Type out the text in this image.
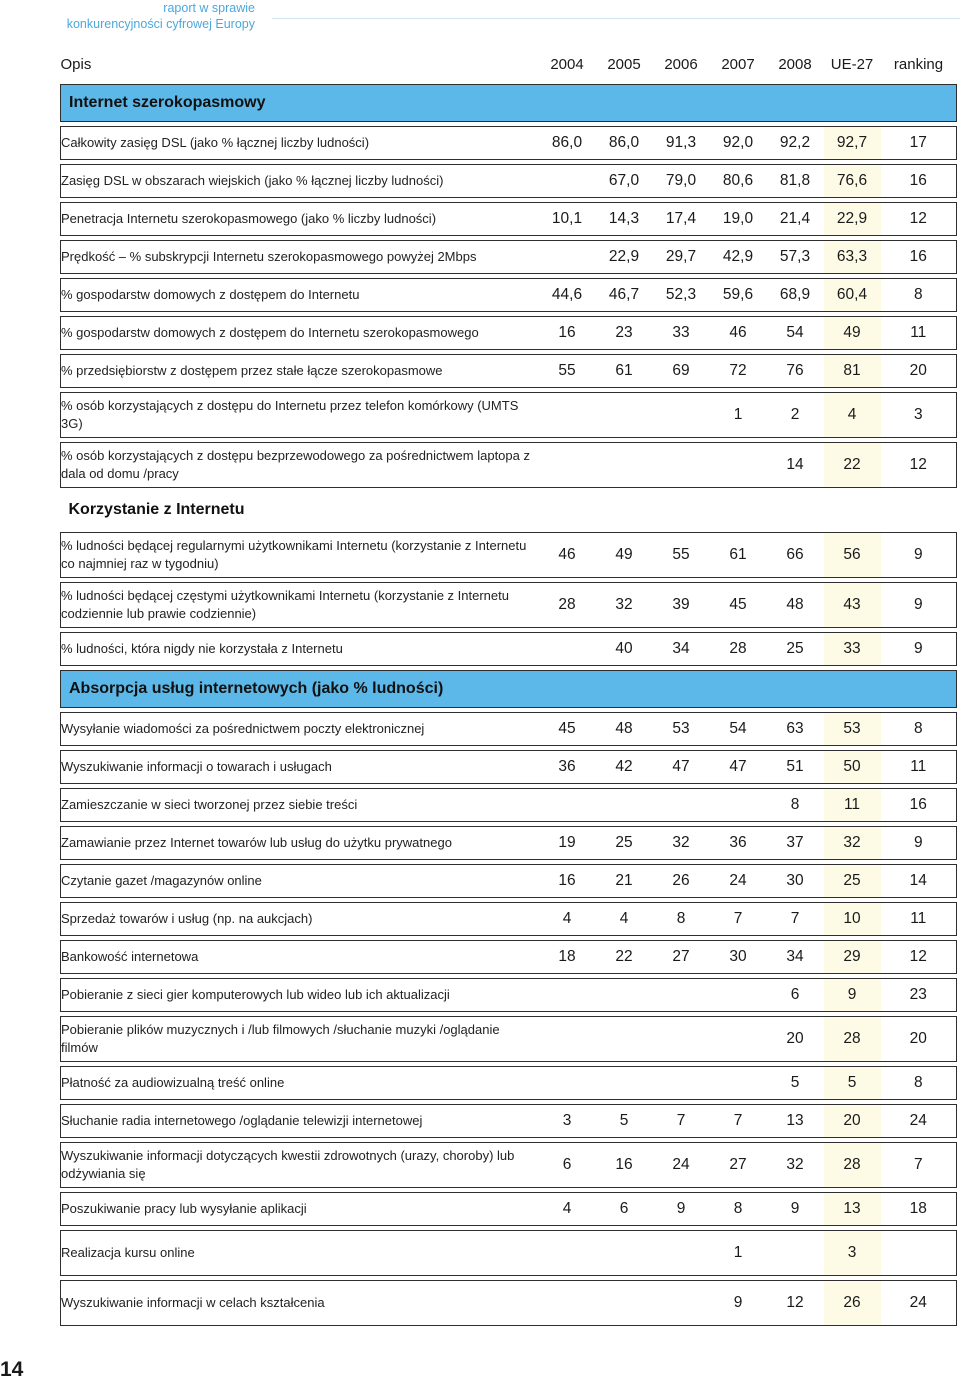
raport w sprawie
konkurencyjności cyfrowej Europy
Opis	2004	2005	2006	2007	2008	UE-27	ranking
Internet szerokopasmowy							

Całkowity zasięg DSL (jako % łącznej liczby ludności)	86,0	86,0	91,3	92,0	92,2	92,7	17

Zasięg DSL w obszarach wiejskich (jako % łącznej liczby ludności)		67,0	79,0	80,6	81,8	76,6	16

Penetracja Internetu szerokopasmowego (jako % liczby ludności)	10,1	14,3	17,4	19,0	21,4	22,9	12

Prędkość – % subskrypcji Internetu szerokopasmowego powyżej 2Mbps		22,9	29,7	42,9	57,3	63,3	16

% gospodarstw domowych z dostępem do Internetu	44,6	46,7	52,3	59,6	68,9	60,4	8

% gospodarstw domowych z dostępem do Internetu szerokopasmowego	16	23	33	46	54	49	11

% przedsiębiorstw z dostępem przez stałe łącze szerokopasmowe	55	61	69	72	76	81	20

% osób korzystających z dostępu do Internetu przez telefon komórkowy (UMTS 3G)				1	2	4	3

% osób korzystających z dostępu bezprzewodowego za pośrednictwem laptopa z dala od domu /pracy					14	22	12

Korzystanie z Internetu							

% ludności będącej regularnymi użytkownikami Internetu (korzystanie z Internetu co najmniej raz w tygodniu)	46	49	55	61	66	56	9

% ludności będącej częstymi użytkownikami Internetu (korzystanie z Internetu codziennie lub prawie codziennie)	28	32	39	45	48	43	9

% ludności, która nigdy nie korzystała z Internetu		40	34	28	25	33	9

Absorpcja usług internetowych (jako % ludności)							

Wysyłanie wiadomości za pośrednictwem poczty elektronicznej	45	48	53	54	63	53	8

Wyszukiwanie informacji o towarach i usługach	36	42	47	47	51	50	11

Zamieszczanie w sieci tworzonej przez siebie treści					8	11	16

Zamawianie przez Internet towarów lub usług do użytku prywatnego	19	25	32	36	37	32	9

Czytanie gazet /magazynów online	16	21	26	24	30	25	14

Sprzedaż towarów i usług (np. na aukcjach)	4	4	8	7	7	10	11

Bankowość internetowa	18	22	27	30	34	29	12

Pobieranie z sieci gier komputerowych lub wideo lub ich aktualizacji					6	9	23

Pobieranie plików muzycznych i /lub filmowych /słuchanie muzyki /oglądanie filmów					20	28	20

Płatność za audiowizualną treść online					5	5	8

Słuchanie radia internetowego /oglądanie telewizji internetowej	3	5	7	7	13	20	24

Wyszukiwanie informacji dotyczących kwestii zdrowotnych (urazy, choroby) lub odżywiania się	6	16	24	27	32	28	7

Poszukiwanie pracy lub wysyłanie aplikacji	4	6	9	8	9	13	18

Realizacja kursu online				1		3	

Wyszukiwanie informacji w celach kształcenia				9	12	26	24

14
